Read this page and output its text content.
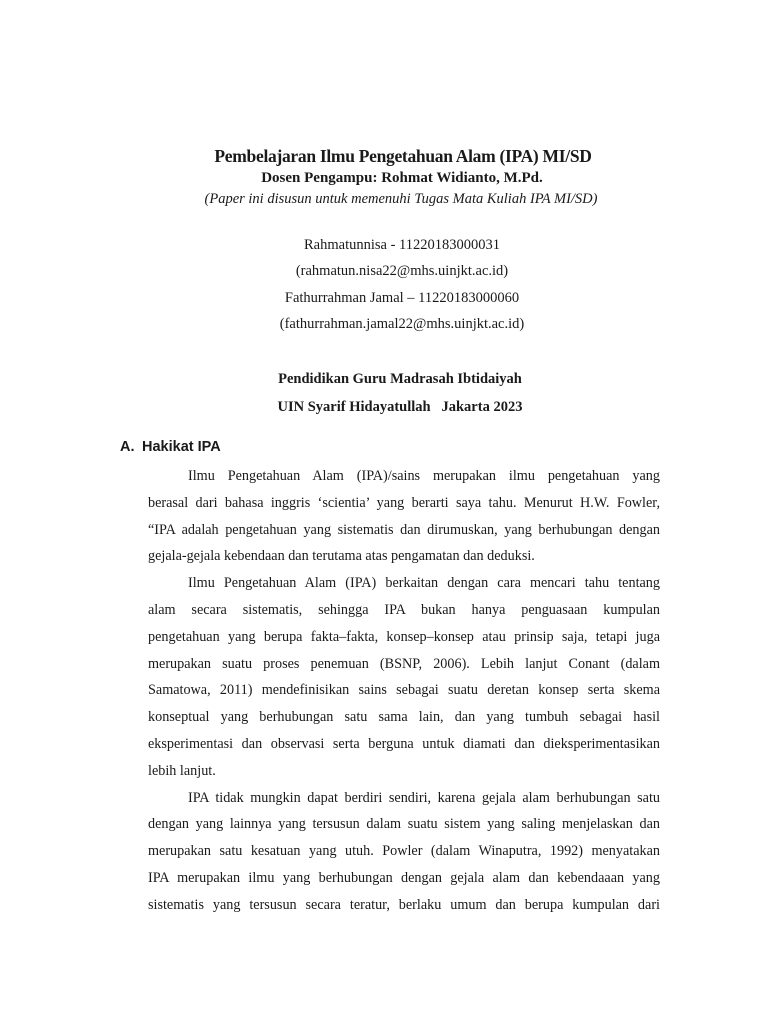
Pembelajaran Ilmu Pengetahuan Alam (IPA) MI/SD
Dosen Pengampu: Rohmat Widianto, M.Pd.
(Paper ini disusun untuk memenuhi Tugas Mata Kuliah IPA MI/SD)
Rahmatunnisa - 11220183000031
(rahmatun.nisa22@mhs.uinjkt.ac.id)
Fathurrahman Jamal – 11220183000060
(fathurrahman.jamal22@mhs.uinjkt.ac.id)
Pendidikan Guru Madrasah Ibtidaiyah
UIN Syarif Hidayatullah   Jakarta 2023
A. Hakikat IPA
Ilmu Pengetahuan Alam (IPA)/sains merupakan ilmu pengetahuan yang
berasal dari bahasa inggris ‘scientia’ yang berarti saya tahu. Menurut H.W. Fowler,
“IPA adalah pengetahuan yang sistematis dan dirumuskan, yang berhubungan dengan
gejala-gejala kebendaan dan terutama atas pengamatan dan deduksi.
Ilmu Pengetahuan Alam (IPA) berkaitan dengan cara mencari tahu tentang
alam secara sistematis, sehingga IPA bukan hanya penguasaan kumpulan
pengetahuan yang berupa fakta–fakta, konsep–konsep atau prinsip saja, tetapi juga
merupakan suatu proses penemuan (BSNP, 2006). Lebih lanjut Conant (dalam
Samatowa, 2011) mendefinisikan sains sebagai suatu deretan konsep serta skema
konseptual yang berhubungan satu sama lain, dan yang tumbuh sebagai hasil
eksperimentasi dan observasi serta berguna untuk diamati dan dieksperimentasikan
lebih lanjut.
IPA tidak mungkin dapat berdiri sendiri, karena gejala alam berhubungan satu
dengan yang lainnya yang tersusun dalam suatu sistem yang saling menjelaskan dan
merupakan satu kesatuan yang utuh. Powler (dalam Winaputra, 1992) menyatakan
IPA merupakan ilmu yang berhubungan dengan gejala alam dan kebendaaan yang
sistematis yang tersusun secara teratur, berlaku umum dan berupa kumpulan dari
